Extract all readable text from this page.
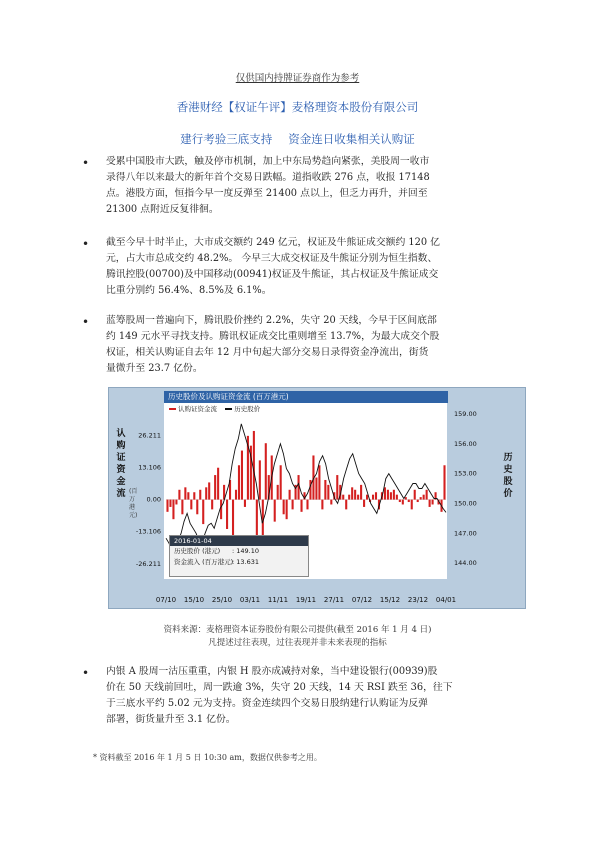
仅供国内持牌证券商作为参考
香港财经【权证午评】麦格理资本股份有限公司
建行考验三底支持 资金连日收集相关认购证
• 受累中国股市大跌，触及停市机制，加上中东局势趋向紧张，美股周一收市
录得八年以来最大的新年首个交易日跌幅。道指收跌 276 点，收报 17148
点。港股方面，恒指今早一度反弹至 21400 点以上，但乏力再升，并回至
21300 点附近反复徘徊。
• 截至今早十时半止，大市成交额约 249 亿元，权证及牛熊证成交额约 120 亿
元，占大市总成交约 48.2%。 今早三大成交权证及牛熊证分别为恒生指数、
腾讯控股(00700)及中国移动(00941)权证及牛熊证，其占权证及牛熊证成交
比重分别约 56.4%、8.5%及 6.1%。
• 蓝筹股周一普遍向下，腾讯股价挫约 2.2%，失守 20 天线，今早于区间底部
约 149 元水平寻找支持。腾讯权证成交比重则增至 13.7%，为最大成交个股
权证，相关认购证自去年 12 月中旬起大部分交易日录得资金净流出，街货
量微升至 23.7 亿份。
26.211
13.106
0.00
-13.106
-26.211
159.00
156.00
153.00
150.00
147.00
144.00
07/10 15/10 25/10 03/11 11/11 19/11 27/11 07/12 15/12 23/12 04/01
历史股价及认购证资金流 (百万港元)
认购证资金流	历史股价
认购证资金流 (百万港元)
历史股价
2016-01-04
历史股价 (港元) : 149.10
资金流入 (百万港元)
: 13.631
资料来源：麦格理资本证券股份有限公司提供(截至 2016 年 1 月 4 日)
凡提述过往表现，过往表现并非未来表现的指标
• 内银 A 股周一沽压重重，内银 H 股亦成减持对象，当中建设银行(00939)股
价在 50 天线前回吐，周一跌逾 3%，失守 20 天线，14 天 RSI 跌至 36，往下
于三底水平约 5.02 元为支持。资金连续四个交易日股纳建行认购证为反弹
部署，街货量升至 3.1 亿份。
* 资料截至 2016 年 1 月 5 日 10:30 am，数据仅供参考之用。
